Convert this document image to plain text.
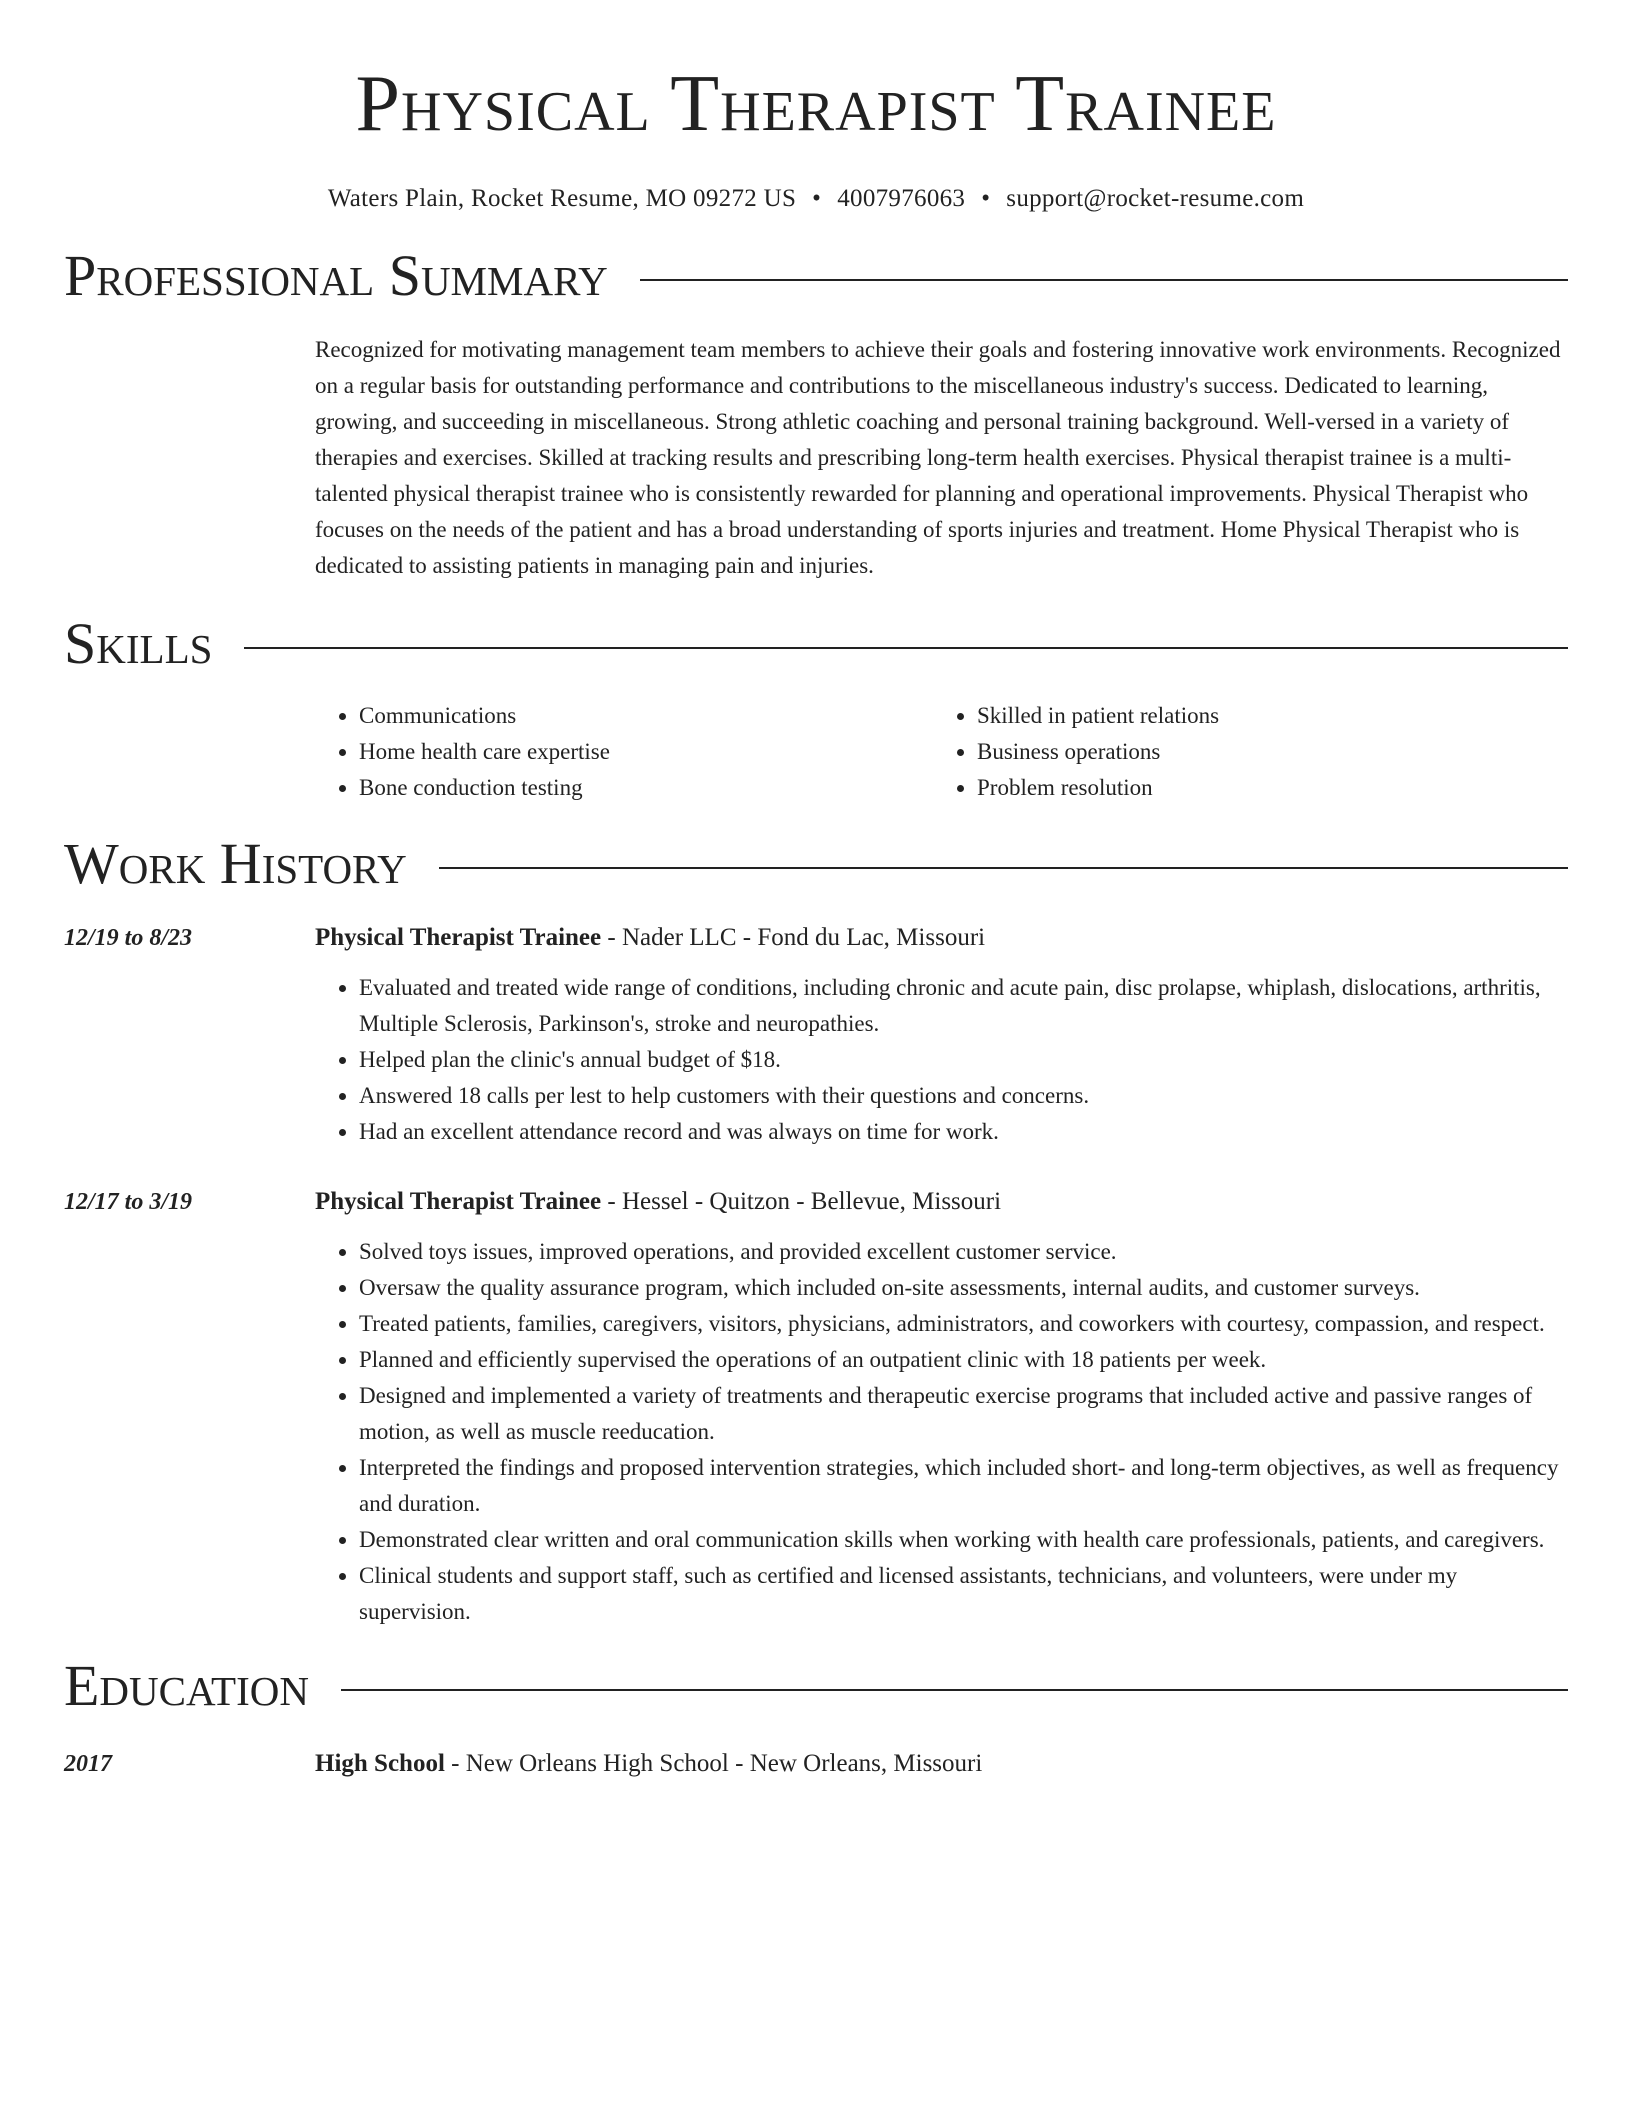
Physical Therapist Trainee
Waters Plain, Rocket Resume, MO 09272 US • 4007976063 • support@rocket-resume.com
Professional Summary
Recognized for motivating management team members to achieve their goals and fostering innovative work environments. Recognized on a regular basis for outstanding performance and contributions to the miscellaneous industry's success. Dedicated to learning, growing, and succeeding in miscellaneous. Strong athletic coaching and personal training background. Well-versed in a variety of therapies and exercises. Skilled at tracking results and prescribing long-term health exercises. Physical therapist trainee is a multi-talented physical therapist trainee who is consistently rewarded for planning and operational improvements. Physical Therapist who focuses on the needs of the patient and has a broad understanding of sports injuries and treatment. Home Physical Therapist who is dedicated to assisting patients in managing pain and injuries.
Skills
• Communications
• Home health care expertise
• Bone conduction testing
• Skilled in patient relations
• Business operations
• Problem resolution
Work History
12/19 to 8/23	Physical Therapist Trainee - Nader LLC - Fond du Lac, Missouri
• Evaluated and treated wide range of conditions, including chronic and acute pain, disc prolapse, whiplash, dislocations, arthritis, Multiple Sclerosis, Parkinson's, stroke and neuropathies.
• Helped plan the clinic's annual budget of $18.
• Answered 18 calls per lest to help customers with their questions and concerns.
• Had an excellent attendance record and was always on time for work.
12/17 to 3/19	Physical Therapist Trainee - Hessel - Quitzon - Bellevue, Missouri
• Solved toys issues, improved operations, and provided excellent customer service.
• Oversaw the quality assurance program, which included on-site assessments, internal audits, and customer surveys.
• Treated patients, families, caregivers, visitors, physicians, administrators, and coworkers with courtesy, compassion, and respect.
• Planned and efficiently supervised the operations of an outpatient clinic with 18 patients per week.
• Designed and implemented a variety of treatments and therapeutic exercise programs that included active and passive ranges of motion, as well as muscle reeducation.
• Interpreted the findings and proposed intervention strategies, which included short- and long-term objectives, as well as frequency and duration.
• Demonstrated clear written and oral communication skills when working with health care professionals, patients, and caregivers.
• Clinical students and support staff, such as certified and licensed assistants, technicians, and volunteers, were under my supervision.
Education
2017	High School - New Orleans High School - New Orleans, Missouri
